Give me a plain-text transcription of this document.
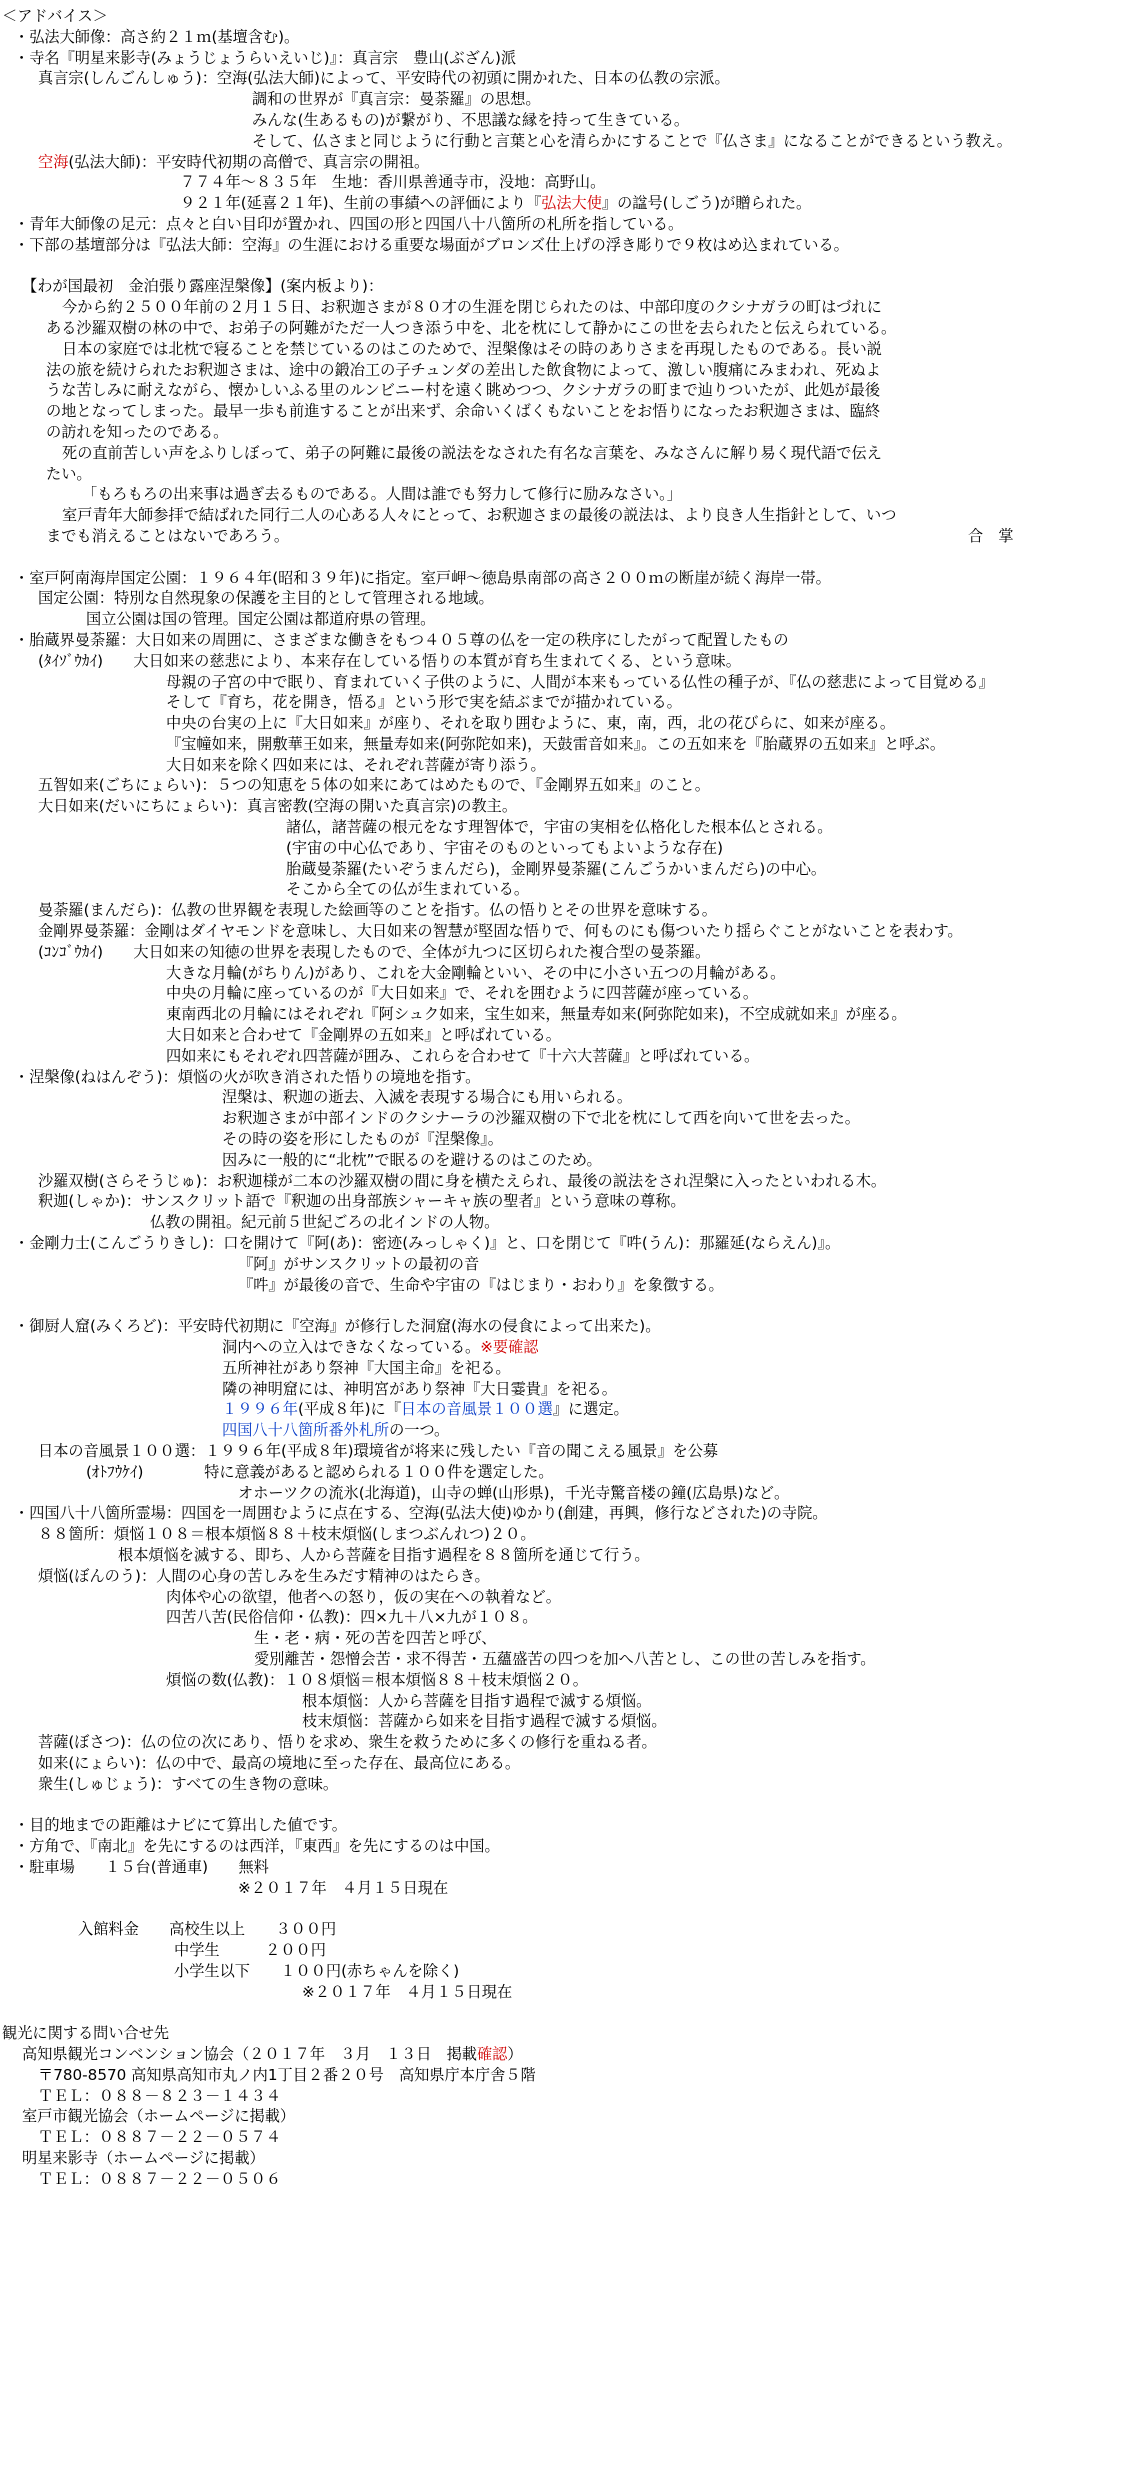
＜アドバイス＞
・弘法大師像：高さ約２１ｍ(基壇含む)。
・寺名『明星来影寺(みょうじょうらいえいじ)』：真言宗　豊山(ぶざん)派
真言宗(しんごんしゅう)：空海(弘法大師)によって、平安時代の初頭に開かれた、日本の仏教の宗派。
調和の世界が『真言宗：曼荼羅』の思想。
みんな(生あるもの)が繋がり、不思議な縁を持って生きている。
そして、仏さまと同じように行動と言葉と心を清らかにすることで『仏さま』になることができるという教え。
空海(弘法大師)：平安時代初期の高僧で、真言宗の開祖。
７７４年〜８３５年　生地：香川県善通寺市，没地：高野山。
９２１年(延喜２１年)、生前の事績への評価により『弘法大使』の諡号(しごう)が贈られた。
・青年大師像の足元：点々と白い目印が置かれ、四国の形と四国八十八箇所の札所を指している。
・下部の基壇部分は『弘法大師：空海』の生涯における重要な場面がブロンズ仕上げの浮き彫りで９枚はめ込まれている。
【わが国最初　金泊張り露座涅槃像】(案内板より)：
今から約２５００年前の２月１５日、お釈迦さまが８０才の生涯を閉じられたのは、中部印度のクシナガラの町はづれに
ある沙羅双樹の林の中で、お弟子の阿難がただ一人つき添う中を、北を枕にして静かにこの世を去られたと伝えられている。
日本の家庭では北枕で寝ることを禁じているのはこのためで、涅槃像はその時のありさまを再現したものである。長い説
法の旅を続けられたお釈迦さまは、途中の鍛冶工の子チュンダの差出した飲食物によって、激しい腹痛にみまわれ、死ぬよ
うな苦しみに耐えながら、懐かしいふる里のルンビニー村を遠く眺めつつ、クシナガラの町まで辿りついたが、此処が最後
の地となってしまった。最早一歩も前進することが出来ず、余命いくばくもないことをお悟りになったお釈迦さまは、臨終
の訪れを知ったのである。
死の直前苦しい声をふりしぼって、弟子の阿難に最後の説法をなされた有名な言葉を、みなさんに解り易く現代語で伝え
たい。
「もろもろの出来事は過ぎ去るものである。人間は誰でも努力して修行に励みなさい。」
室戸青年大師参拝で結ばれた同行二人の心ある人々にとって、お釈迦さまの最後の説法は、より良き人生指針として、いつ
までも消えることはないであろう。	合　掌
・室戸阿南海岸国定公園：１９６４年(昭和３９年)に指定。室戸岬〜徳島県南部の高さ２００ｍの断崖が続く海岸一帯。
国定公園：特別な自然現象の保護を主目的として管理される地域。
国立公園は国の管理。国定公園は都道府県の管理。
・胎蔵界曼荼羅：大日如来の周囲に、さまざまな働きをもつ４０５尊の仏を一定の秩序にしたがって配置したもの
(ﾀｲｿﾞｳｶｲ)　　大日如来の慈悲により、本来存在している悟りの本質が育ち生まれてくる、という意味。
母親の子宮の中で眠り、育まれていく子供のように、人間が本来もっている仏性の種子が、『仏の慈悲によって目覚める』
そして『育ち，花を開き，悟る』という形で実を結ぶまでが描かれている。
中央の台実の上に『大日如来』が座り、それを取り囲むように、東，南，西，北の花びらに、如来が座る。
『宝幢如来，開敷華王如来，無量寿如来(阿弥陀如来)，天鼓雷音如来』。この五如来を『胎蔵界の五如来』と呼ぶ。
大日如来を除く四如来には、それぞれ菩薩が寄り添う。
五智如来(ごちにょらい)：５つの知恵を５体の如来にあてはめたもので、『金剛界五如来』のこと。
大日如来(だいにちにょらい)：真言密教(空海の開いた真言宗)の教主。
諸仏，諸菩薩の根元をなす理智体で，宇宙の実相を仏格化した根本仏とされる。
(宇宙の中心仏であり、宇宙そのものといってもよいような存在)
胎蔵曼荼羅(たいぞうまんだら)，金剛界曼荼羅(こんごうかいまんだら)の中心。
そこから全ての仏が生まれている。
曼荼羅(まんだら)：仏教の世界観を表現した絵画等のことを指す。仏の悟りとその世界を意味する。
金剛界曼荼羅：金剛はダイヤモンドを意味し、大日如来の智慧が堅固な悟りで、何ものにも傷ついたり揺らぐことがないことを表わす。
(ｺﾝｺﾞｳｶｲ)　　大日如来の知徳の世界を表現したもので、全体が九つに区切られた複合型の曼荼羅。
大きな月輪(がちりん)があり、これを大金剛輪といい、その中に小さい五つの月輪がある。
中央の月輪に座っているのが『大日如来』で、それを囲むように四菩薩が座っている。
東南西北の月輪にはそれぞれ『阿シュク如来，宝生如来，無量寿如来(阿弥陀如来)，不空成就如来』が座る。
大日如来と合わせて『金剛界の五如来』と呼ばれている。
四如来にもそれぞれ四菩薩が囲み、これらを合わせて『十六大菩薩』と呼ばれている。
・涅槃像(ねはんぞう)：煩悩の火が吹き消された悟りの境地を指す。
涅槃は、釈迦の逝去、入滅を表現する場合にも用いられる。
お釈迦さまが中部インドのクシナーラの沙羅双樹の下で北を枕にして西を向いて世を去った。
その時の姿を形にしたものが『涅槃像』。
因みに一般的に“北枕”で眠るのを避けるのはこのため。
沙羅双樹(さらそうじゅ)：お釈迦様が二本の沙羅双樹の間に身を横たえられ、最後の説法をされ涅槃に入ったといわれる木。
釈迦(しゃか)：サンスクリット語で『釈迦の出身部族シャーキャ族の聖者』という意味の尊称。
仏教の開祖。紀元前５世紀ごろの北インドの人物。
・金剛力士(こんごうりきし)：口を開けて『阿(あ)：密迹(みっしゃく)』と、口を閉じて『吽(うん)：那羅延(ならえん)』。
『阿』がサンスクリットの最初の音
『吽』が最後の音で、生命や宇宙の『はじまり・おわり』を象徴する。
・御厨人窟(みくろど)：平安時代初期に『空海』が修行した洞窟(海水の侵食によって出来た)。
洞内への立入はできなくなっている。※要確認
五所神社があり祭神『大国主命』を祀る。
隣の神明窟には、神明宮があり祭神『大日霎貴』を祀る。
１９９６年(平成８年)に『日本の音風景１００選』に選定。
四国八十八箇所番外札所の一つ。
日本の音風景１００選：１９９６年(平成８年)環境省が将来に残したい『音の聞こえる風景』を公募
(ｵﾄﾌｳｹｲ)　　　　特に意義があると認められる１００件を選定した。
オホーツクの流氷(北海道)，山寺の蝉(山形県)，千光寺驚音楼の鐘(広島県)など。
・四国八十八箇所霊場：四国を一周囲むように点在する、空海(弘法大使)ゆかり(創建，再興，修行などされた)の寺院。
８８箇所：煩悩１０８＝根本煩悩８８＋枝末煩悩(しまつぶんれつ)２０。
根本煩悩を滅する、即ち、人から菩薩を目指す過程を８８箇所を通じて行う。
煩悩(ぼんのう)：人間の心身の苦しみを生みだす精神のはたらき。
肉体や心の欲望，他者への怒り，仮の実在への執着など。
四苦八苦(民俗信仰・仏教)：四×九＋八×九が１０８。
生・老・病・死の苦を四苦と呼び、
愛別離苦・怨憎会苦・求不得苦・五蘊盛苦の四つを加へ八苦とし、この世の苦しみを指す。
煩悩の数(仏教)：１０８煩悩＝根本煩悩８８＋枝末煩悩２０。
根本煩悩：人から菩薩を目指す過程で滅する煩悩。
枝末煩悩：菩薩から如来を目指す過程で滅する煩悩。
菩薩(ぼさつ)：仏の位の次にあり、悟りを求め、衆生を救うために多くの修行を重ねる者。
如来(にょらい)：仏の中で、最高の境地に至った存在、最高位にある。
衆生(しゅじょう)：すべての生き物の意味。
・目的地までの距離はナビにて算出した値です。
・方角で、『南北』を先にするのは西洋，『東西』を先にするのは中国。
・駐車場　　１５台(普通車)　　無料
※２０１７年　４月１５日現在
入館料金　　高校生以上　　３００円
中学生　　　２００円
小学生以下　　１００円(赤ちゃんを除く)
※２０１７年　４月１５日現在
観光に関する問い合せ先
高知県観光コンベンション協会（２０１７年　３月　１３日　掲載確認）
〒780-8570 高知県高知市丸ノ内1丁目２番２０号　高知県庁本庁舎５階
ＴＥＬ：０８８－８２３－１４３４
室戸市観光協会（ホームページに掲載）
ＴＥＬ：０８８７－２２－０５７４
明星来影寺（ホームページに掲載）
ＴＥＬ：０８８７－２２－０５０６
